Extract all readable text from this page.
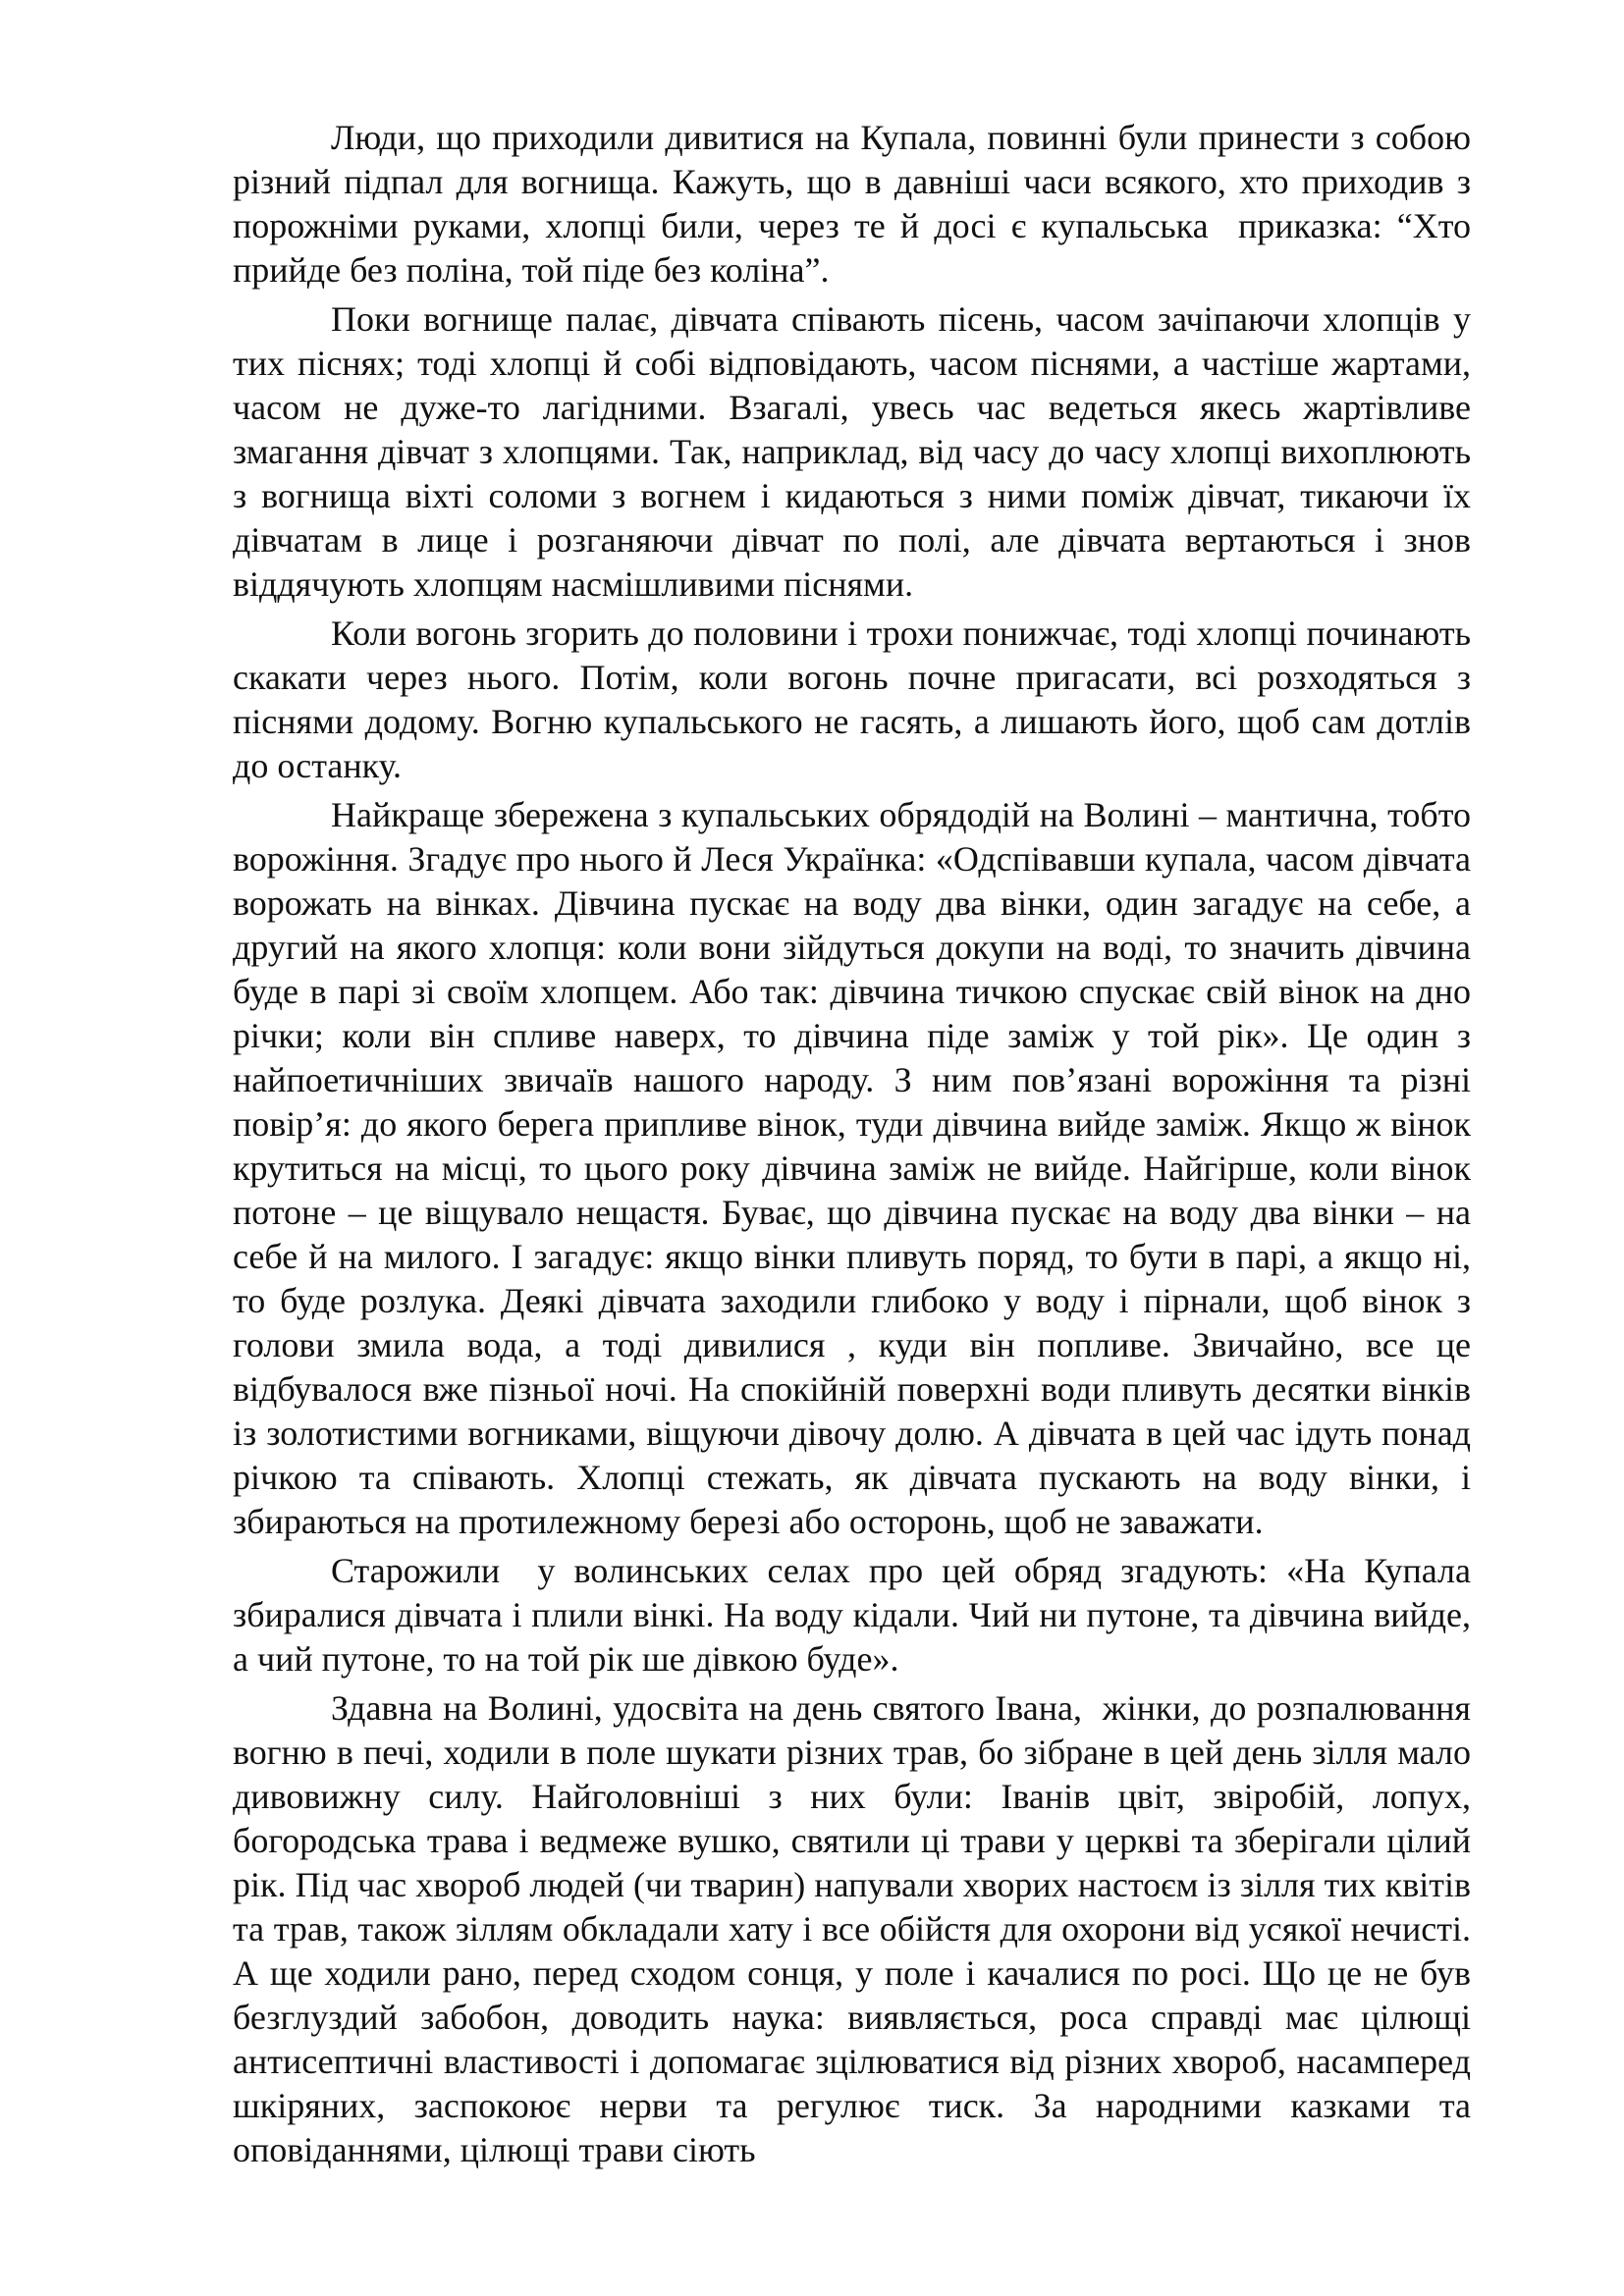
Люди, що приходили дивитися на Купала, повинні були принести з собою різний підпал для вогнища. Кажуть, що в давніші часи всякого, хто приходив з порожніми руками, хлопці били, через те й досі є купальська  приказка: “Хто прийде без поліна, той піде без коліна”.

Поки вогнище палає, дівчата співають пісень, часом зачіпаючи хлопців у тих піснях; тоді хлопці й собі відповідають, часом піснями, а частіше жартами, часом не дуже-то лагідними. Взагалі, увесь час ведеться якесь жартівливе змагання дівчат з хлопцями. Так, наприклад, від часу до часу хлопці вихоплюють з вогнища віхті соломи з вогнем і кидаються з ними поміж дівчат, тикаючи їх дівчатам в лице і розганяючи дівчат по полі, але дівчата вертаються і знов віддячують хлопцям насмішливими піснями.

Коли вогонь згорить до половини і трохи понижчає, тоді хлопці починають скакати через нього. Потім, коли вогонь почне пригасати, всі розходяться з піснями додому. Вогню купальського не гасять, а лишають його, щоб сам дотлів до останку.

Найкраще збережена з купальських обрядодій на Волині – мантична, тобто ворожіння. Згадує про нього й Леся Українка: «Одспівавши купала, часом дівчата ворожать на вінках. Дівчина пускає на воду два вінки, один загадує на себе, а другий на якого хлопця: коли вони зійдуться докупи на воді, то значить дівчина буде в парі зі своїм хлопцем. Або так: дівчина тичкою спускає свій вінок на дно річки; коли він спливе наверх, то дівчина піде заміж у той рік». Це один з найпоетичніших звичаїв нашого народу. З ним пов’язані ворожіння та різні повір’я: до якого берега припливе вінок, туди дівчина вийде заміж. Якщо ж вінок крутиться на місці, то цього року дівчина заміж не вийде. Найгірше, коли вінок потоне – це віщувало нещастя. Буває, що дівчина пускає на воду два вінки – на себе й на милого. І загадує: якщо вінки пливуть поряд, то бути в парі, а якщо ні, то буде розлука. Деякі дівчата заходили глибоко у воду і пірнали, щоб вінок з голови змила вода, а тоді дивилися , куди він попливе. Звичайно, все це відбувалося вже пізньої ночі. На спокійній поверхні води пливуть десятки вінків із золотистими вогниками, віщуючи дівочу долю. А дівчата в цей час ідуть понад річкою та співають. Хлопці стежать, як дівчата пускають на воду вінки, і збираються на протилежному березі або осторонь, щоб не заважати.

Старожили  у волинських селах про цей обряд згадують: «На Купала збиралися дівчата і плили вінкі. На воду кідали. Чий ни путоне, та дівчина вийде, а чий путоне, то на той рік ше дівкою буде».

Здавна на Волині, удосвіта на день святого Івана,  жінки, до розпалювання вогню в печі, ходили в поле шукати різних трав, бо зібране в цей день зілля мало дивовижну силу. Найголовніші з них були: Іванів цвіт, звіробій, лопух, богородська трава і ведмеже вушко, святили ці трави у церкві та зберігали цілий рік. Під час хвороб людей (чи тварин) напували хворих настоєм із зілля тих квітів та трав, також зіллям обкладали хату і все обійстя для охорони від усякої нечисті. А ще ходили рано, перед сходом сонця, у поле і качалися по росі. Що це не був безглуздий забобон, доводить наука: виявляється, роса справді має цілющі антисептичні властивості і допомагає зцілюватися від різних хвороб, насамперед шкіряних, заспокоює нерви та регулює тиск. За народними казками та оповіданнями, цілющі трави сіють
